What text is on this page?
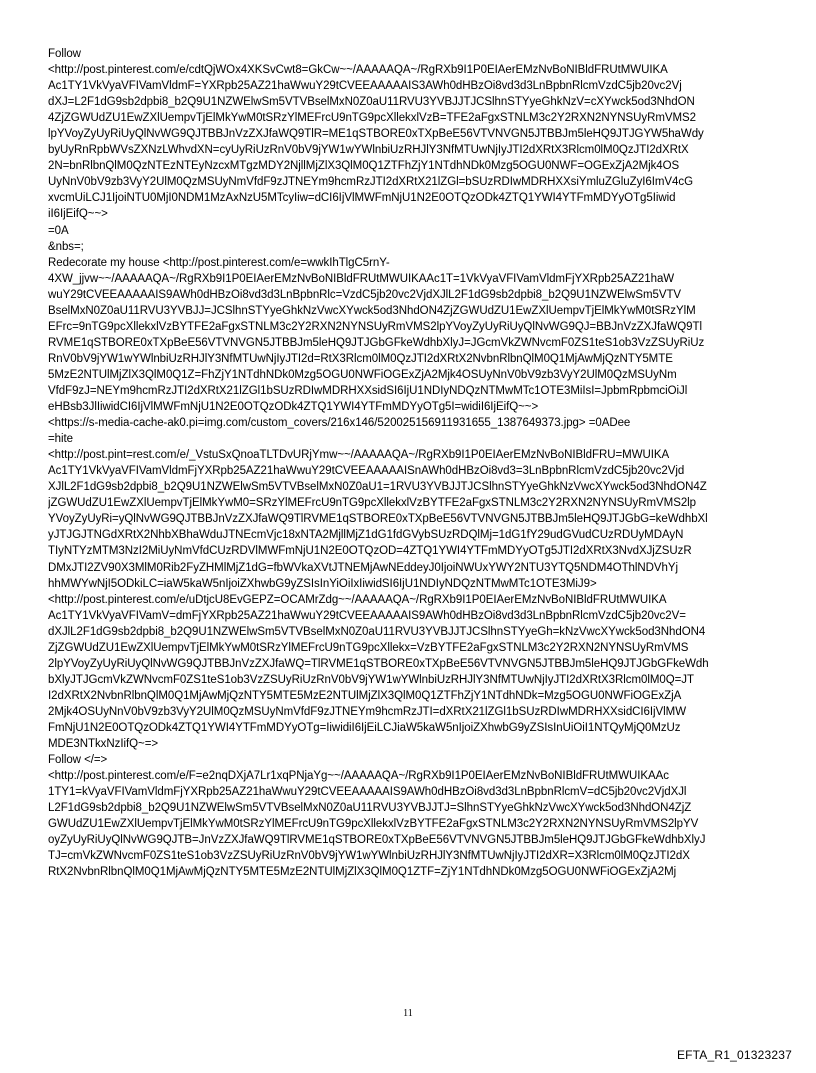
Follow
<http://post.pinterest.com/e/cdtQjWOx4XKSvCwt8=GkCw~~/AAAAAQA~/RgRXb9I1P0EIAerEMzNvBoNIBldFRUtMWUIKA
Ac1TY1VkVyaVFIVamVldmF=YXRpb25AZ21haWwuY29tCVEEAAAAAIS3AWh0dHBzOi8vd3d3LnBpbnRlcmVzdC5jb20vc2Vj
dXJ=L2F1dG9sb2dpbi8_b2Q9U1NZWElwSm5VTVBselMxN0Z0aU11RVU3YVBJJTJCSlhnSTYyeGhkNzV=cXYwck5od3NhdON
4ZjZGWUdZU1EwZXlUempvTjElMkYwM0tSRzYlMEFrcU9nTG9pcXllekxlVzB=TFE2aFgxSTNLM3c2Y2RXN2NYNSUyRmVMS2
lpYVoyZyUyRiUyQlNvWG9QJTBBJnVzZXJfaWQ9TlR=ME1qSTBORE0xTXpBeE56VTVNVGN5JTBBJm5leHQ9JTJGYW5haWdy
byUyRnRpbWVsZXNzLWhvdXN=cyUyRiUzRnV0bV9jYW1wYWlnbiUzRHJlY3NfMTUwNjIyJTI2dXRtX3Rlcm0lM0QzJTI2dXRtX
2N=bnRlbnQlM0QzNTEzNTEyNzcxMTgzMDY2NjllMjZlX3QlM0Q1ZTFhZjY1NTdhNDk0Mzg5OGU0NWF=OGExZjA2Mjk4OS
UyNnV0bV9zb3VyY2UlM0QzMSUyNmVfdF9zJTNEYm9hcmRzJTI2dXRtX21lZGl=bSUzRDIwMDRHXXsiYmluZGluZyI6ImV4cG
xvcmUiLCJ1IjoiNTU0MjI0NDM1MzAxNzU5MTcyIiw=dCI6IjVlMWFmNjU1N2E0OTQzODk4ZTQ1YWI4YTFmMDYyOTg5Iiwid
iI6IjEifQ~~>
=0A
&nbs=;
Redecorate my house <http://post.pinterest.com/e=wwkIhTlgC5rnY-
4XW_jjvw~~/AAAAAQA~/RgRXb9I1P0EIAerEMzNvBoNIBldFRUtMWUIKAAc1T=1VkVyaVFIVamVldmFjYXRpb25AZ21haW
wuY29tCVEEAAAAAIS9AWh0dHBzOi8vd3d3LnBpbnRlc=VzdC5jb20vc2VjdXJlL2F1dG9sb2dpbi8_b2Q9U1NZWElwSm5VTV
BselMxN0Z0aU11RVU3YVBJJ=JCSlhnSTYyeGhkNzVwcXYwck5od3NhdON4ZjZGWUdZU1EwZXlUempvTjElMkYwM0tSRzYlM
EFrc=9nTG9pcXllekxlVzBYTFE2aFgxSTNLM3c2Y2RXN2NYNSUyRmVMS2lpYVoyZyUyRiUyQlNvWG9QJ=BBJnVzZXJfaWQ9Tl
RVME1qSTBORE0xTXpBeE56VTVNVGN5JTBBJm5leHQ9JTJGbGFkeWdhbXlyJ=JGcmVkZWNvcmF0ZS1teS1ob3VzZSUyRiUz
RnV0bV9jYW1wYWlnbiUzRHJlY3NfMTUwNjIyJTI2d=RtX3Rlcm0lM0QzJTI2dXRtX2NvbnRlbnQlM0Q1MjAwMjQzNTY5MTE
5MzE2NTUlMjZlX3QlM0Q1Z=FhZjY1NTdhNDk0Mzg5OGU0NWFiOGExZjA2Mjk4OSUyNnV0bV9zb3VyY2UlM0QzMSUyNm
VfdF9zJ=NEYm9hcmRzJTI2dXRtX21lZGl1bSUzRDIwMDRHXXsidSI6IjU1NDIyNDQzNTMwMTc1OTE3MiIsI=JpbmRpbmciOiJl
eHBsb3JlIiwidCI6IjVlMWFmNjU1N2E0OTQzODk4ZTQ1YWI4YTFmMDYyOTg5I=widiI6IjEifQ~~>
<https://s-media-cache-ak0.pi=img.com/custom_covers/216x146/520025156911931655_1387649373.jpg> =0ADee
=hite
<http://post.pint=rest.com/e/_VstuSxQnoaTLTDvURjYmw~~/AAAAAQA~/RgRXb9I1P0EIAerEMzNvBoNIBldFRU=MWUIKA
Ac1TY1VkVyaVFIVamVldmFjYXRpb25AZ21haWwuY29tCVEEAAAAAISnAWh0dHBzOi8vd3=3LnBpbnRlcmVzdC5jb20vc2Vjd
XJlL2F1dG9sb2dpbi8_b2Q9U1NZWElwSm5VTVBselMxN0Z0aU1=1RVU3YVBJJTJCSlhnSTYyeGhkNzVwcXYwck5od3NhdON4Z
jZGWUdZU1EwZXlUempvTjElMkYwM0=SRzYlMEFrcU9nTG9pcXllekxlVzBYTFE2aFgxSTNLM3c2Y2RXN2NYNSUyRmVMS2lp
YVoyZyUyRi=yQlNvWG9QJTBBJnVzZXJfaWQ9TlRVME1qSTBORE0xTXpBeE56VTVNVGN5JTBBJm5leHQ9JTJGbG=keWdhbXl
yJTJGJTNGdXRtX2NhbXBhaWduJTNEcmVjc18xNTA2MjllMjZ1dG1fdGVybSUzRDQlMj=1dG1fY29udGVudCUzRDUyMDAyN
TIyNTYzMTM3NzI2MiUyNmVfdCUzRDVlMWFmNjU1N2E0OTQzOD=4ZTQ1YWI4YTFmMDYyOTg5JTI2dXRtX3NvdXJjZSUzR
DMxJTI2ZV90X3MlM0Rib2FyZHMlMjZ1dG=fbWVkaXVtJTNEMjAwNEddeyJ0IjoiNWUxYWY2NTU3YTQ5NDM4OThlNDVhYj
hhMWYwNjI5ODkiLC=iaW5kaW5nIjoiZXhwbG9yZSIsInYiOiIxIiwidSI6IjU1NDIyNDQzNTMwMTc1OTE3MiJ9>
<http://post.pinterest.com/e/uDtjcU8EvGEPZ=OCAMrZdg~~/AAAAAQA~/RgRXb9I1P0EIAerEMzNvBoNIBldFRUtMWUIKA
Ac1TY1VkVyaVFIVamV=dmFjYXRpb25AZ21haWwuY29tCVEEAAAAAIS9AWh0dHBzOi8vd3d3LnBpbnRlcmVzdC5jb20vc2V=
dXJlL2F1dG9sb2dpbi8_b2Q9U1NZWElwSm5VTVBselMxN0Z0aU11RVU3YVBJJTJCSlhnSTYyeGh=kNzVwcXYwck5od3NhdON4
ZjZGWUdZU1EwZXlUempvTjElMkYwM0tSRzYlMEFrcU9nTG9pcXllekx=VzBYTFE2aFgxSTNLM3c2Y2RXN2NYNSUyRmVMS
2lpYVoyZyUyRiUyQlNvWG9QJTBBJnVzZXJfaWQ=TlRVME1qSTBORE0xTXpBeE56VTVNVGN5JTBBJm5leHQ9JTJGbGFkeWdh
bXlyJTJGcmVkZWNvcmF0ZS1teS1ob3VzZSUyRiUzRnV0bV9jYW1wYWlnbiUzRHJlY3NfMTUwNjIyJTI2dXRtX3Rlcm0lM0Q=JT
I2dXRtX2NvbnRlbnQlM0Q1MjAwMjQzNTY5MTE5MzE2NTUlMjZlX3QlM0Q1ZTFhZjY1NTdhNDk=Mzg5OGU0NWFiOGExZjA
2Mjk4OSUyNnV0bV9zb3VyY2UlM0QzMSUyNmVfdF9zJTNEYm9hcmRzJTI=dXRtX21lZGl1bSUzRDIwMDRHXXsidCI6IjVlMW
FmNjU1N2E0OTQzODk4ZTQ1YWI4YTFmMDYyOTg=IiwidiI6IjEiLCJiaW5kaW5nIjoiZXhwbG9yZSIsInUiOiI1NTQyMjQ0MzUz
MDE3NTkxNzIifQ~=>
Follow </=>
<http://post.pinterest.com/e/F=e2nqDXjA7Lr1xqPNjaYg~~/AAAAAQA~/RgRXb9I1P0EIAerEMzNvBoNIBldFRUtMWUIKAAc
1TY1=kVyaVFIVamVldmFjYXRpb25AZ21haWwuY29tCVEEAAAAAIS9AWh0dHBzOi8vd3d3LnBpbnRlcmV=dC5jb20vc2VjdXJl
L2F1dG9sb2dpbi8_b2Q9U1NZWElwSm5VTVBselMxN0Z0aU11RVU3YVBJJTJ=SlhnSTYyeGhkNzVwcXYwck5od3NhdON4ZjZ
GWUdZU1EwZXlUempvTjElMkYwM0tSRzYlMEFrcU9nTG9pcXllekxlVzBYTFE2aFgxSTNLM3c2Y2RXN2NYNSUyRmVMS2lpYV
oyZyUyRiUyQlNvWG9QJTB=JnVzZXJfaWQ9TlRVME1qSTBORE0xTXpBeE56VTVNVGN5JTBBJm5leHQ9JTJGbGFkeWdhbXlyJ
TJ=cmVkZWNvcmF0ZS1teS1ob3VzZSUyRiUzRnV0bV9jYW1wYWlnbiUzRHJlY3NfMTUwNjIyJTI2dXR=X3Rlcm0lM0QzJTI2dX
RtX2NvbnRlbnQlM0Q1MjAwMjQzNTY5MTE5MzE2NTUlMjZlX3QlM0Q1ZTF=ZjY1NTdhNDk0Mzg5OGU0NWFiOGExZjA2Mj
11
EFTA_R1_01323237
